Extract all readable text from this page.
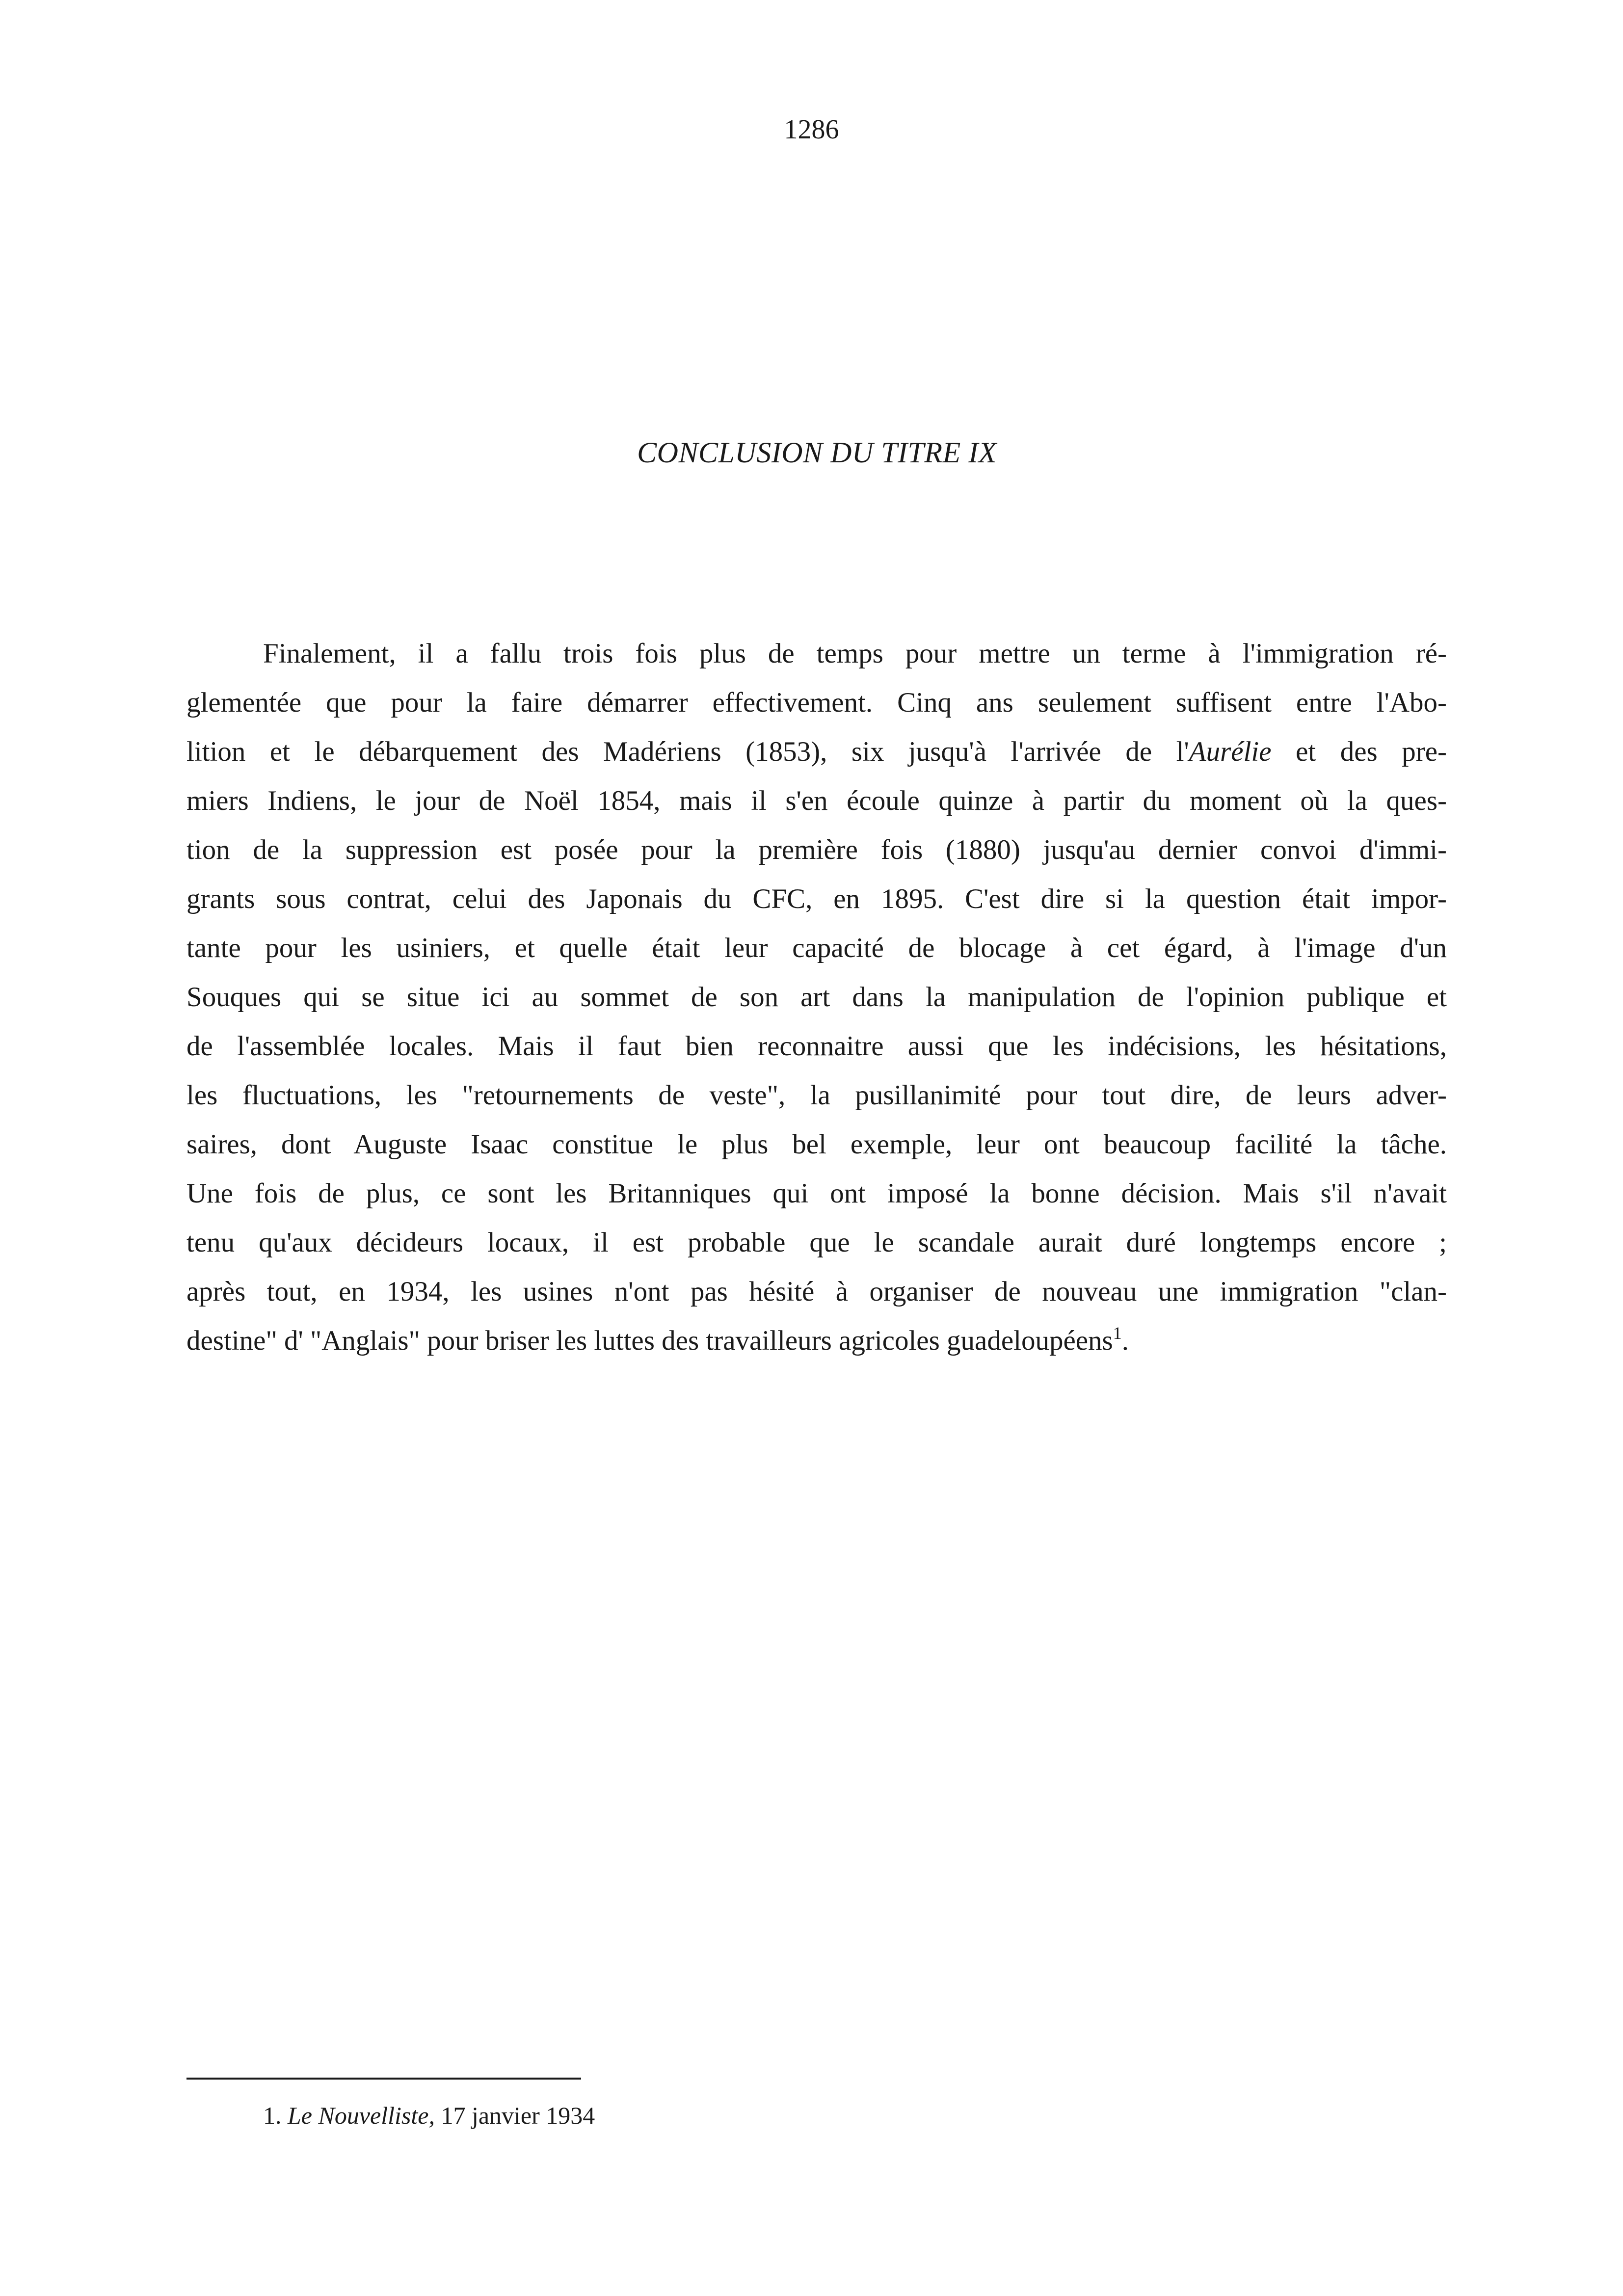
1286
CONCLUSION DU TITRE IX
Finalement, il a fallu trois fois plus de temps pour mettre un terme à l'immigration ré-
glementée que pour la faire démarrer effectivement. Cinq ans seulement suffisent entre l'Abo-
lition et le débarquement des Madériens (1853), six jusqu'à l'arrivée de l'Aurélie et des pre-
miers Indiens, le jour de Noël 1854, mais il s'en écoule quinze à partir du moment où la ques-
tion de la suppression est posée pour la première fois (1880) jusqu'au dernier convoi d'immi-
grants sous contrat, celui des Japonais du CFC, en 1895. C'est dire si la question était impor-
tante pour les usiniers, et quelle était leur capacité de blocage à cet égard, à l'image d'un
Souques qui se situe ici au sommet de son art dans la manipulation de l'opinion publique et
de l'assemblée locales. Mais il faut bien reconnaitre aussi que les indécisions, les hésitations,
les fluctuations, les "retournements de veste", la pusillanimité pour tout dire, de leurs adver-
saires, dont Auguste Isaac constitue le plus bel exemple, leur ont beaucoup facilité la tâche.
Une fois de plus, ce sont les Britanniques qui ont imposé la bonne décision. Mais s'il n'avait
tenu qu'aux décideurs locaux, il est probable que le scandale aurait duré longtemps encore ;
après tout, en 1934, les usines n'ont pas hésité à organiser de nouveau une immigration "clan-
destine" d' "Anglais" pour briser les luttes des travailleurs agricoles guadeloupéens$^1$.
1. Le Nouvelliste, 17 janvier 1934
